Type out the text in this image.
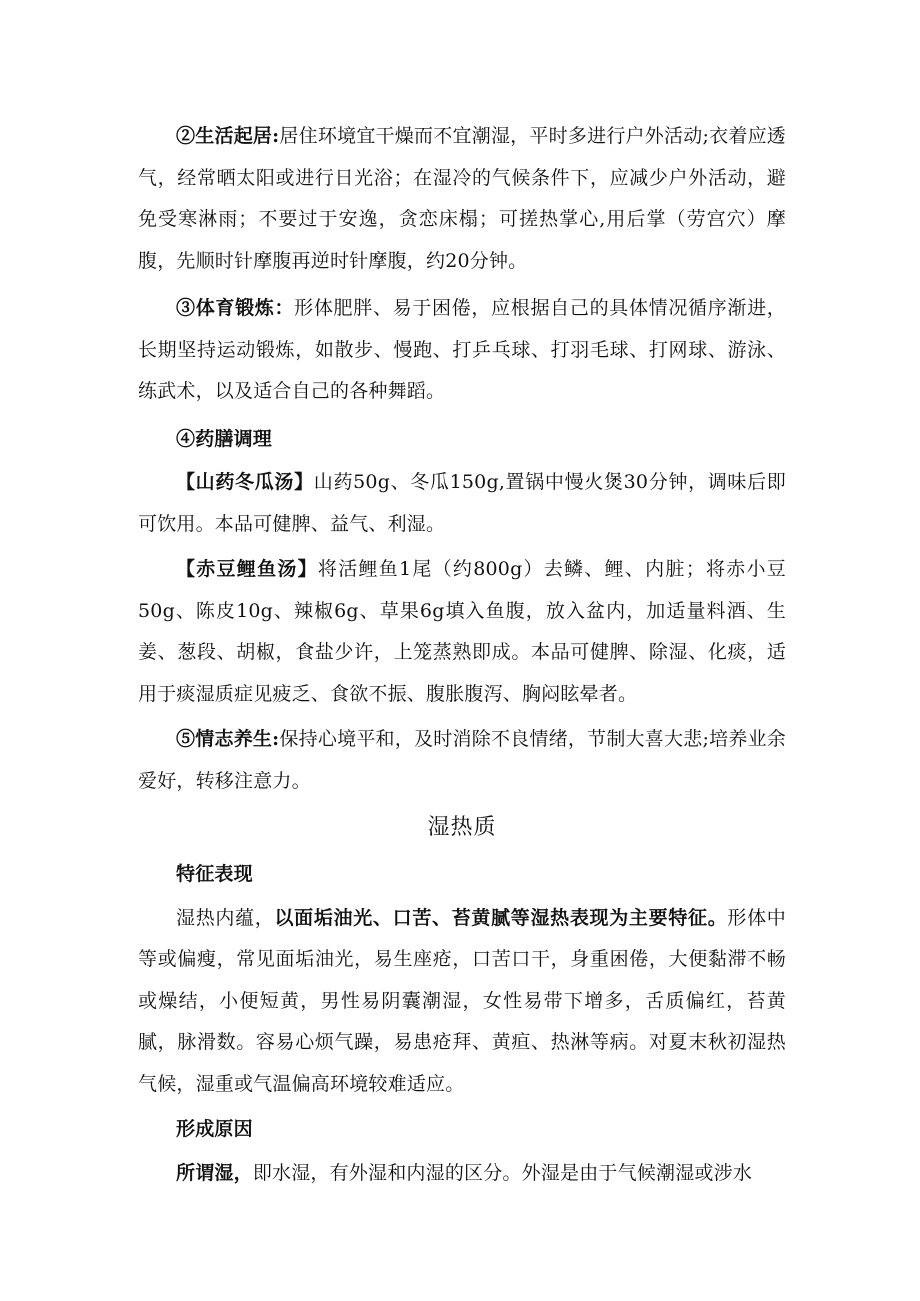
②生活起居:居住环境宜干燥而不宜潮湿，平时多进行户外活动;衣着应透气，经常晒太阳或进行日光浴；在湿冷的气候条件下，应减少户外活动，避免受寒淋雨；不要过于安逸，贪恋床榻；可搓热掌心,用后掌（劳宫穴）摩腹，先顺时针摩腹再逆时针摩腹，约20分钟。

③体育锻炼：形体肥胖、易于困倦，应根据自己的具体情况循序渐进，长期坚持运动锻炼，如散步、慢跑、打乒乓球、打羽毛球、打网球、游泳、练武术，以及适合自己的各种舞蹈。

④药膳调理

【山药冬瓜汤】山药50g、冬瓜150g,置锅中慢火煲30分钟，调味后即可饮用。本品可健脾、益气、利湿。

【赤豆鲤鱼汤】将活鲤鱼1尾（约800g）去鳞、鲤、内脏；将赤小豆50g、陈皮10g、辣椒6g、草果6g填入鱼腹，放入盆内，加适量料酒、生姜、葱段、胡椒，食盐少许，上笼蒸熟即成。本品可健脾、除湿、化痰，适用于痰湿质症见疲乏、食欲不振、腹胀腹泻、胸闷眩晕者。

⑤情志养生:保持心境平和，及时消除不良情绪，节制大喜大悲;培养业余爱好，转移注意力。

湿热质

特征表现

湿热内蕴，以面垢油光、口苦、苔黄腻等湿热表现为主要特征。形体中等或偏瘦，常见面垢油光，易生座疮，口苦口干，身重困倦，大便黏滞不畅或燥结，小便短黄，男性易阴囊潮湿，女性易带下增多，舌质偏红，苔黄腻，脉滑数。容易心烦气躁，易患疮拜、黄疸、热淋等病。对夏末秋初湿热气候，湿重或气温偏高环境较难适应。

形成原因

所谓湿，即水湿，有外湿和内湿的区分。外湿是由于气候潮湿或涉水
